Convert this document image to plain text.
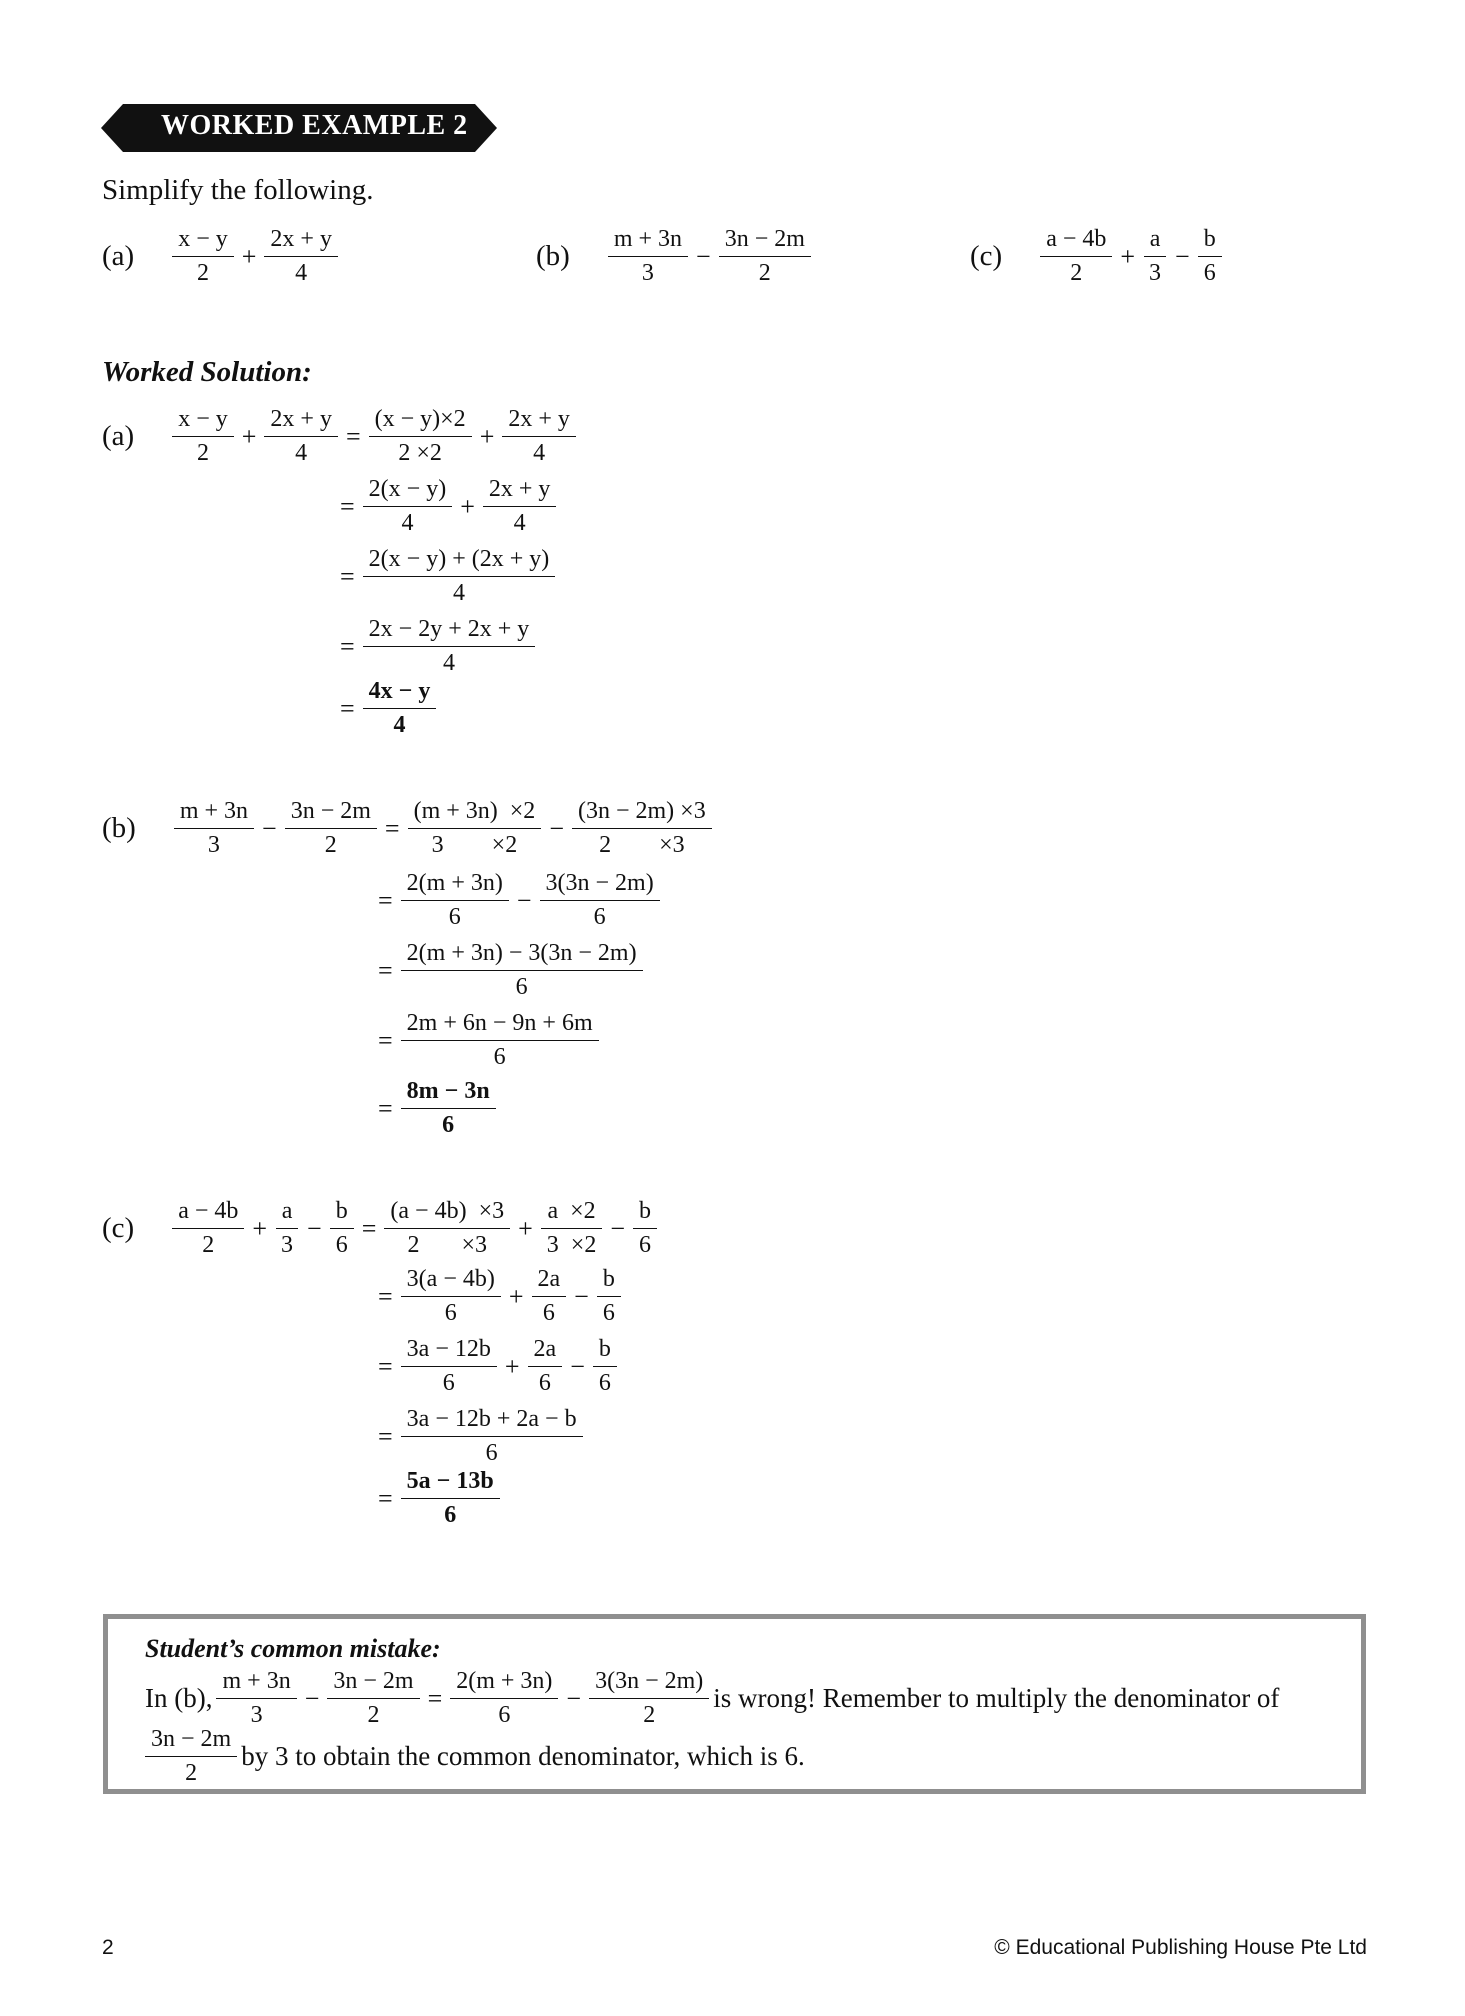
WORKED EXAMPLE 2
Simplify the following.
$(a) \frac{x - y}{2} + \frac{2x + y}{4}$	$(b) \frac{m + 3n}{3} - \frac{3n - 2m}{2}$	$(c) \frac{a - 4b}{2} + \frac{a}{3} - \frac{b}{6}$
Worked Solution:
$(a) \frac{x - y}{2} + \frac{2x + y}{4} = \frac{(x - y)\times 2}{2 \times 2} + \frac{2x + y}{4}$
= $\frac{2(x - y)}{4} + \frac{2x + y}{4}$
= $\frac{2(x - y) + (2x + y)}{4}$
= $\frac{2x - 2y + 2x + y}{4}$
= $\frac{4x - y}{4}$
$(b) \frac{m + 3n}{3} - \frac{3n - 2m}{2} = \frac{(m + 3n) \times 2}{3 \times 2} - \frac{(3n - 2m) \times 3}{2 \times 3}$
= $\frac{2(m + 3n)}{6} - \frac{3(3n - 2m)}{6}$
= $\frac{2(m + 3n) - 3(3n - 2m)}{6}$
= $\frac{2m + 6n - 9n + 6m}{6}$
= $\frac{8m - 3n}{6}$
$(c) \frac{a - 4b}{2} + \frac{a}{3} - \frac{b}{6} = \frac{(a - 4b) \times 3}{2 \times 3} + \frac{a \times 2}{3 \times 2} - \frac{b}{6}$
= $\frac{3(a - 4b)}{6} + \frac{2a}{6} - \frac{b}{6}$
= $\frac{3a - 12b}{6} + \frac{2a}{6} - \frac{b}{6}$
= $\frac{3a - 12b + 2a - b}{6}$
= $\frac{5a - 13b}{6}$
Student’s common mistake:
In (b), $\frac{m + 3n}{3} - \frac{3n - 2m}{2} = \frac{2(m + 3n)}{6} - \frac{3(3n - 2m)}{2}$ is wrong! Remember to multiply the denominator of
$\frac{3n - 2m}{2}$ by 3 to obtain the common denominator, which is 6.
2	© Educational Publishing House Pte Ltd
